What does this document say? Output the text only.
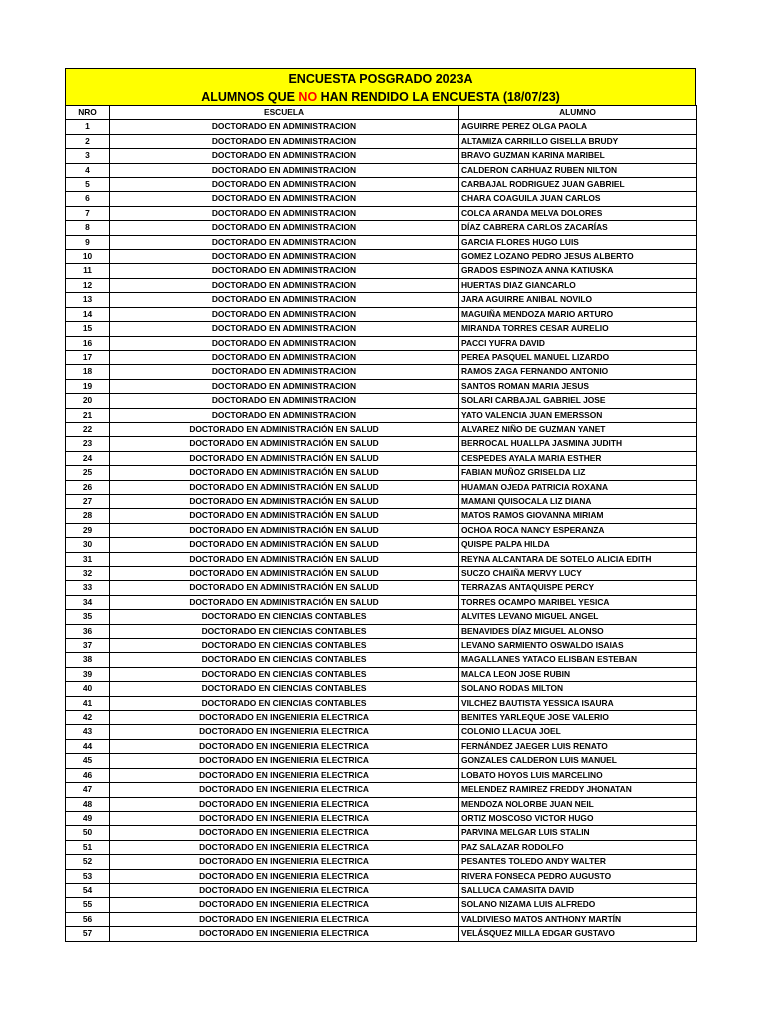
ENCUESTA POSGRADO 2023A
ALUMNOS QUE NO HAN RENDIDO LA ENCUESTA (18/07/23)
NRO	ESCUELA	ALUMNO
1	DOCTORADO EN ADMINISTRACION	AGUIRRE PEREZ OLGA PAOLA
2	DOCTORADO EN ADMINISTRACION	ALTAMIZA CARRILLO GISELLA BRUDY
3	DOCTORADO EN ADMINISTRACION	BRAVO GUZMAN KARINA MARIBEL
4	DOCTORADO EN ADMINISTRACION	CALDERON CARHUAZ RUBEN NILTON
5	DOCTORADO EN ADMINISTRACION	CARBAJAL RODRIGUEZ JUAN GABRIEL
6	DOCTORADO EN ADMINISTRACION	CHARA COAGUILA JUAN CARLOS
7	DOCTORADO EN ADMINISTRACION	COLCA ARANDA MELVA DOLORES
8	DOCTORADO EN ADMINISTRACION	DÍAZ CABRERA CARLOS ZACARÍAS
9	DOCTORADO EN ADMINISTRACION	GARCIA FLORES HUGO LUIS
10	DOCTORADO EN ADMINISTRACION	GOMEZ LOZANO PEDRO JESUS ALBERTO
11	DOCTORADO EN ADMINISTRACION	GRADOS ESPINOZA ANNA KATIUSKA
12	DOCTORADO EN ADMINISTRACION	HUERTAS DIAZ GIANCARLO
13	DOCTORADO EN ADMINISTRACION	JARA AGUIRRE ANIBAL NOVILO
14	DOCTORADO EN ADMINISTRACION	MAGUIÑA MENDOZA MARIO ARTURO
15	DOCTORADO EN ADMINISTRACION	MIRANDA TORRES CESAR AURELIO
16	DOCTORADO EN ADMINISTRACION	PACCI YUFRA DAVID
17	DOCTORADO EN ADMINISTRACION	PEREA PASQUEL MANUEL LIZARDO
18	DOCTORADO EN ADMINISTRACION	RAMOS ZAGA FERNANDO ANTONIO
19	DOCTORADO EN ADMINISTRACION	SANTOS ROMAN MARIA JESUS
20	DOCTORADO EN ADMINISTRACION	SOLARI CARBAJAL GABRIEL JOSE
21	DOCTORADO EN ADMINISTRACION	YATO VALENCIA JUAN EMERSSON
22	DOCTORADO EN ADMINISTRACIÓN EN SALUD	ALVAREZ NIÑO DE GUZMAN YANET
23	DOCTORADO EN ADMINISTRACIÓN EN SALUD	BERROCAL HUALLPA JASMINA JUDITH
24	DOCTORADO EN ADMINISTRACIÓN EN SALUD	CESPEDES AYALA MARIA ESTHER
25	DOCTORADO EN ADMINISTRACIÓN EN SALUD	FABIAN MUÑOZ GRISELDA LIZ
26	DOCTORADO EN ADMINISTRACIÓN EN SALUD	HUAMAN OJEDA PATRICIA ROXANA
27	DOCTORADO EN ADMINISTRACIÓN EN SALUD	MAMANI QUISOCALA LIZ DIANA
28	DOCTORADO EN ADMINISTRACIÓN EN SALUD	MATOS RAMOS GIOVANNA MIRIAM
29	DOCTORADO EN ADMINISTRACIÓN EN SALUD	OCHOA ROCA NANCY ESPERANZA
30	DOCTORADO EN ADMINISTRACIÓN EN SALUD	QUISPE PALPA HILDA
31	DOCTORADO EN ADMINISTRACIÓN EN SALUD	REYNA ALCANTARA DE SOTELO ALICIA EDITH
32	DOCTORADO EN ADMINISTRACIÓN EN SALUD	SUCZO CHAIÑA MERVY LUCY
33	DOCTORADO EN ADMINISTRACIÓN EN SALUD	TERRAZAS ANTAQUISPE PERCY
34	DOCTORADO EN ADMINISTRACIÓN EN SALUD	TORRES OCAMPO MARIBEL YESICA
35	DOCTORADO EN CIENCIAS CONTABLES	ALVITES LEVANO MIGUEL ANGEL
36	DOCTORADO EN CIENCIAS CONTABLES	BENAVIDES DÍAZ MIGUEL ALONSO
37	DOCTORADO EN CIENCIAS CONTABLES	LEVANO SARMIENTO OSWALDO ISAIAS
38	DOCTORADO EN CIENCIAS CONTABLES	MAGALLANES YATACO ELISBAN ESTEBAN
39	DOCTORADO EN CIENCIAS CONTABLES	MALCA LEON JOSE RUBIN
40	DOCTORADO EN CIENCIAS CONTABLES	SOLANO RODAS MILTON
41	DOCTORADO EN CIENCIAS CONTABLES	VILCHEZ BAUTISTA YESSICA ISAURA
42	DOCTORADO EN INGENIERIA ELECTRICA	BENITES YARLEQUE JOSE VALERIO
43	DOCTORADO EN INGENIERIA ELECTRICA	COLONIO LLACUA JOEL
44	DOCTORADO EN INGENIERIA ELECTRICA	FERNÁNDEZ JAEGER LUIS RENATO
45	DOCTORADO EN INGENIERIA ELECTRICA	GONZALES CALDERON LUIS MANUEL
46	DOCTORADO EN INGENIERIA ELECTRICA	LOBATO HOYOS LUIS MARCELINO
47	DOCTORADO EN INGENIERIA ELECTRICA	MELENDEZ RAMIREZ FREDDY JHONATAN
48	DOCTORADO EN INGENIERIA ELECTRICA	MENDOZA NOLORBE JUAN NEIL
49	DOCTORADO EN INGENIERIA ELECTRICA	ORTIZ MOSCOSO VICTOR HUGO
50	DOCTORADO EN INGENIERIA ELECTRICA	PARVINA MELGAR LUIS STALIN
51	DOCTORADO EN INGENIERIA ELECTRICA	PAZ SALAZAR RODOLFO
52	DOCTORADO EN INGENIERIA ELECTRICA	PESANTES TOLEDO ANDY WALTER
53	DOCTORADO EN INGENIERIA ELECTRICA	RIVERA FONSECA PEDRO AUGUSTO
54	DOCTORADO EN INGENIERIA ELECTRICA	SALLUCA CAMASITA DAVID
55	DOCTORADO EN INGENIERIA ELECTRICA	SOLANO NIZAMA LUIS ALFREDO
56	DOCTORADO EN INGENIERIA ELECTRICA	VALDIVIESO MATOS ANTHONY MARTÍN
57	DOCTORADO EN INGENIERIA ELECTRICA	VELÁSQUEZ MILLA EDGAR GUSTAVO
